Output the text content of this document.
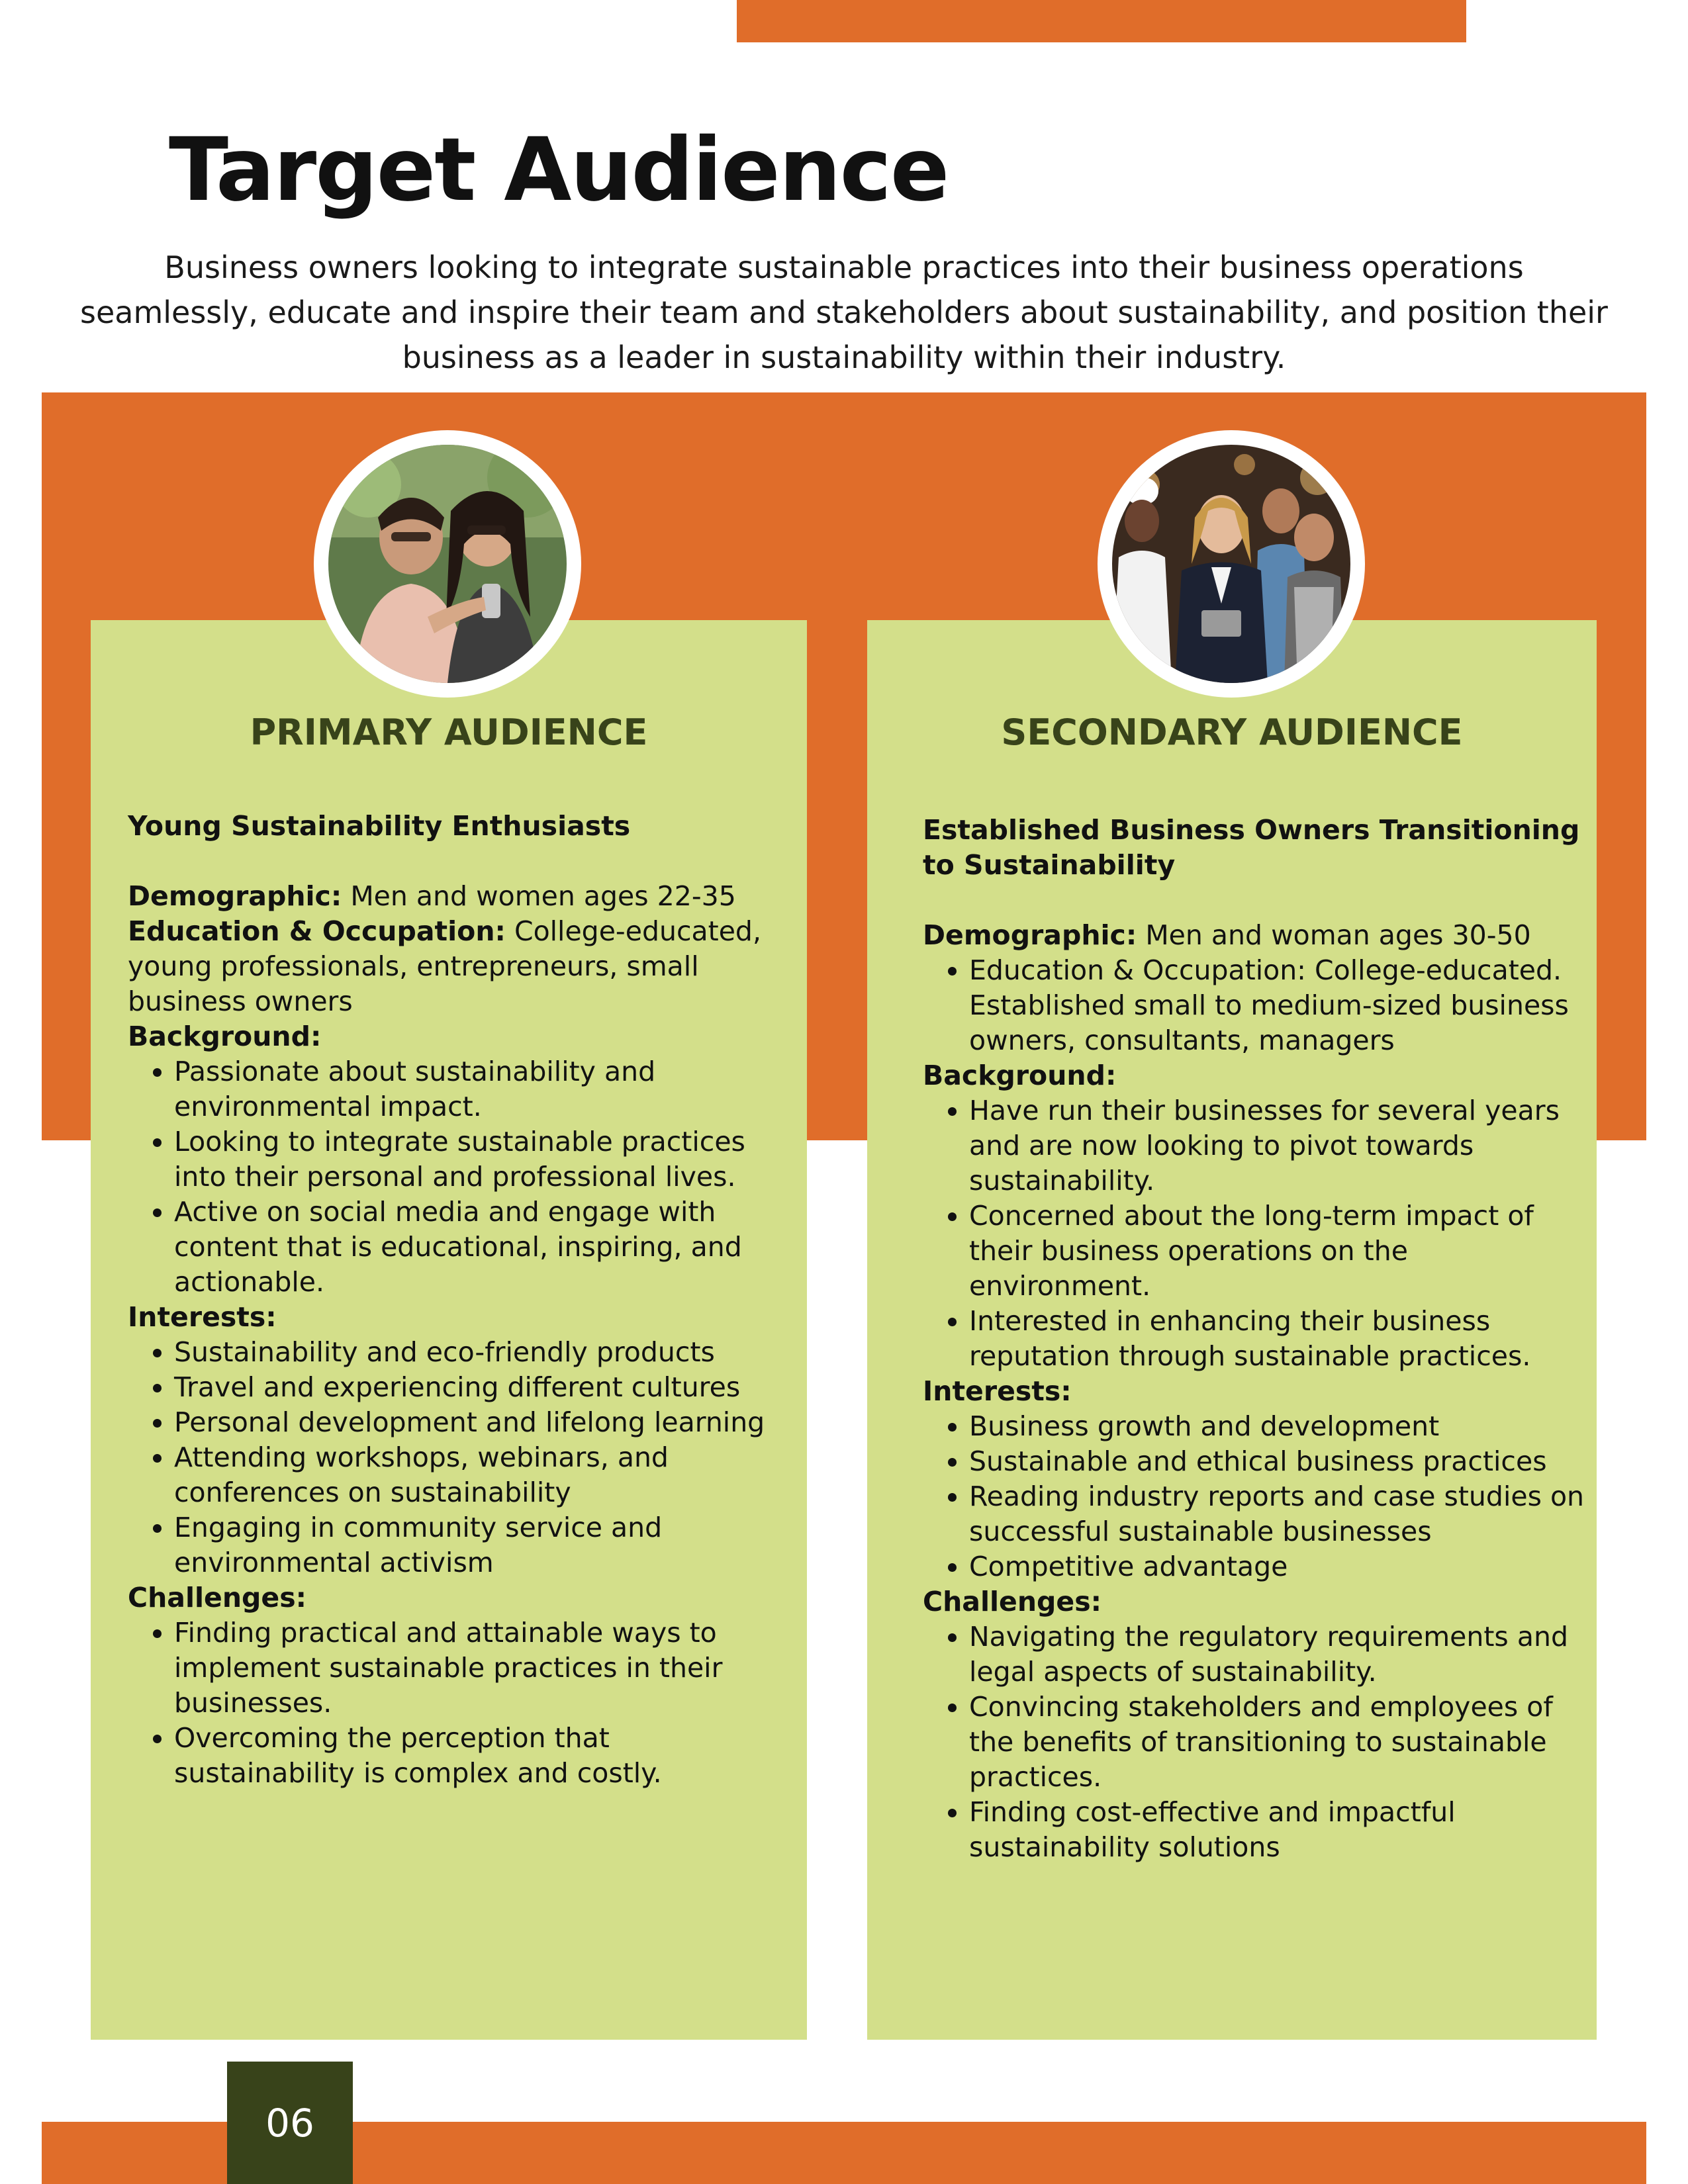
Target Audience

Business owners looking to integrate sustainable practices into their business operations seamlessly, educate and inspire their team and stakeholders about sustainability, and position their business as a leader in sustainability within their industry.

PRIMARY AUDIENCE	SECONDARY AUDIENCE

Young Sustainability Enthusiasts

Demographic: Men and women ages 22-35

Education & Occupation: College-educated, young professionals, entrepreneurs, small business owners

Background:

• Passionate about sustainability and environmental impact.
• Looking to integrate sustainable practices into their personal and professional lives.
• Active on social media and engage with content that is educational, inspiring, and actionable.

Interests:

• Sustainability and eco-friendly products
• Travel and experiencing different cultures
• Personal development and lifelong learning
• Attending workshops, webinars, and conferences on sustainability
• Engaging in community service and environmental activism

Challenges:

• Finding practical and attainable ways to implement sustainable practices in their businesses.
• Overcoming the perception that sustainability is complex and costly.

Established Business Owners Transitioning to Sustainability

Demographic: Men and woman ages 30-50

• Education & Occupation: College-educated. Established small to medium-sized business owners, consultants, managers

Background:

• Have run their businesses for several years and are now looking to pivot towards sustainability.
• Concerned about the long-term impact of their business operations on the environment.
• Interested in enhancing their business reputation through sustainable practices.

Interests:

• Business growth and development
• Sustainable and ethical business practices
• Reading industry reports and case studies on successful sustainable businesses
• Competitive advantage

Challenges:

• Navigating the regulatory requirements and legal aspects of sustainability.
• Convincing stakeholders and employees of the benefits of transitioning to sustainable practices.
• Finding cost-effective and impactful sustainability solutions
06
